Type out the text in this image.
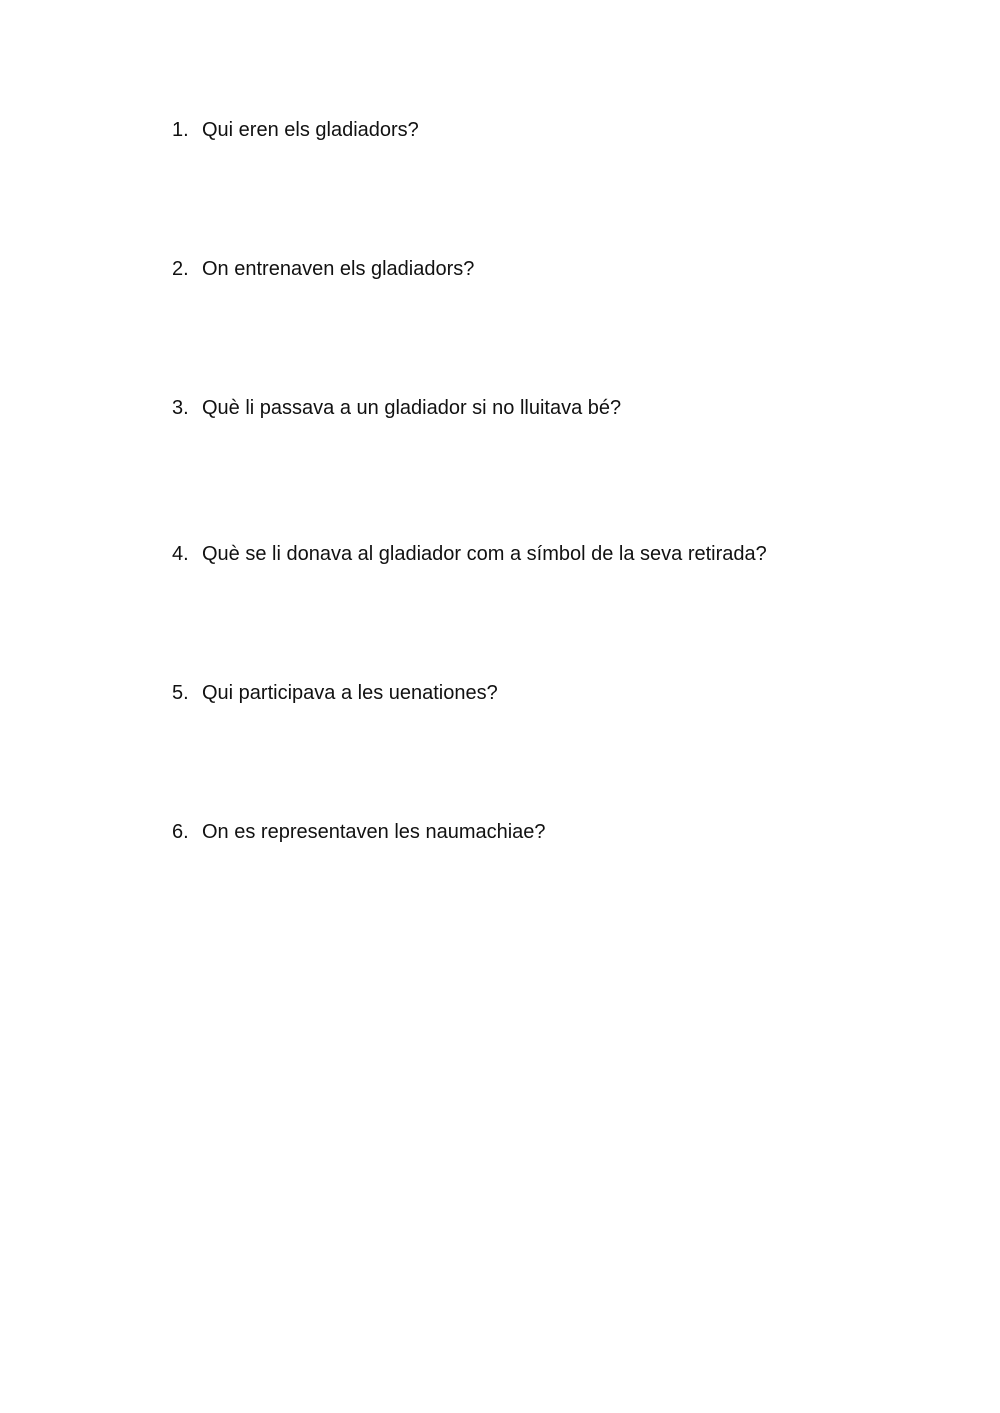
1. Qui eren els gladiadors?
2. On entrenaven els gladiadors?
3. Què li passava a un gladiador si no lluitava bé?
4. Què se li donava al gladiador com a símbol de la seva retirada?
5. Qui participava a les uenationes?
6. On es representaven les naumachiae?
